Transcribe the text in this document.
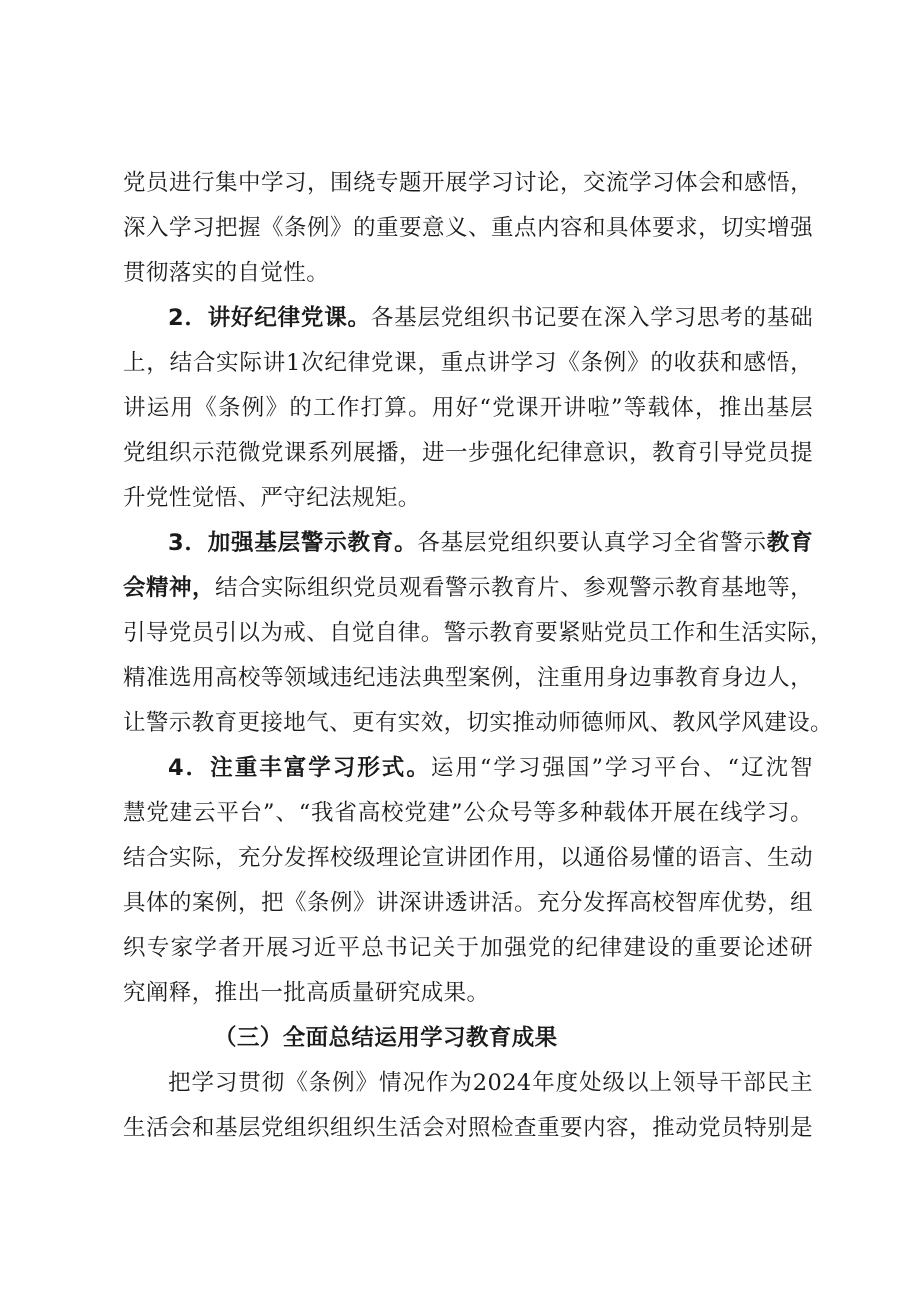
党员进行集中学习，围绕专题开展学习讨论，交流学习体会和感悟，
深入学习把握《条例》的重要意义、重点内容和具体要求，切实增强
贯彻落实的自觉性。
2．讲好纪律党课。各基层党组织书记要在深入学习思考的基础
上，结合实际讲1次纪律党课，重点讲学习《条例》的收获和感悟，
讲运用《条例》的工作打算。用好“党课开讲啦”等载体，推出基层
党组织示范微党课系列展播，进一步强化纪律意识，教育引导党员提
升党性觉悟、严守纪法规矩。
3．加强基层警示教育。各基层党组织要认真学习全省警示教育
会精神，结合实际组织党员观看警示教育片、参观警示教育基地等，
引导党员引以为戒、自觉自律。警示教育要紧贴党员工作和生活实际，
精准选用高校等领域违纪违法典型案例，注重用身边事教育身边人，
让警示教育更接地气、更有实效，切实推动师德师风、教风学风建设。
4．注重丰富学习形式。运用“学习强国”学习平台、“辽沈智
慧党建云平台”、“我省高校党建”公众号等多种载体开展在线学习。
结合实际，充分发挥校级理论宣讲团作用，以通俗易懂的语言、生动
具体的案例，把《条例》讲深讲透讲活。充分发挥高校智库优势，组
织专家学者开展习近平总书记关于加强党的纪律建设的重要论述研
究阐释，推出一批高质量研究成果。
（三）全面总结运用学习教育成果
把学习贯彻《条例》情况作为2024年度处级以上领导干部民主
生活会和基层党组织组织生活会对照检查重要内容，推动党员特别是
